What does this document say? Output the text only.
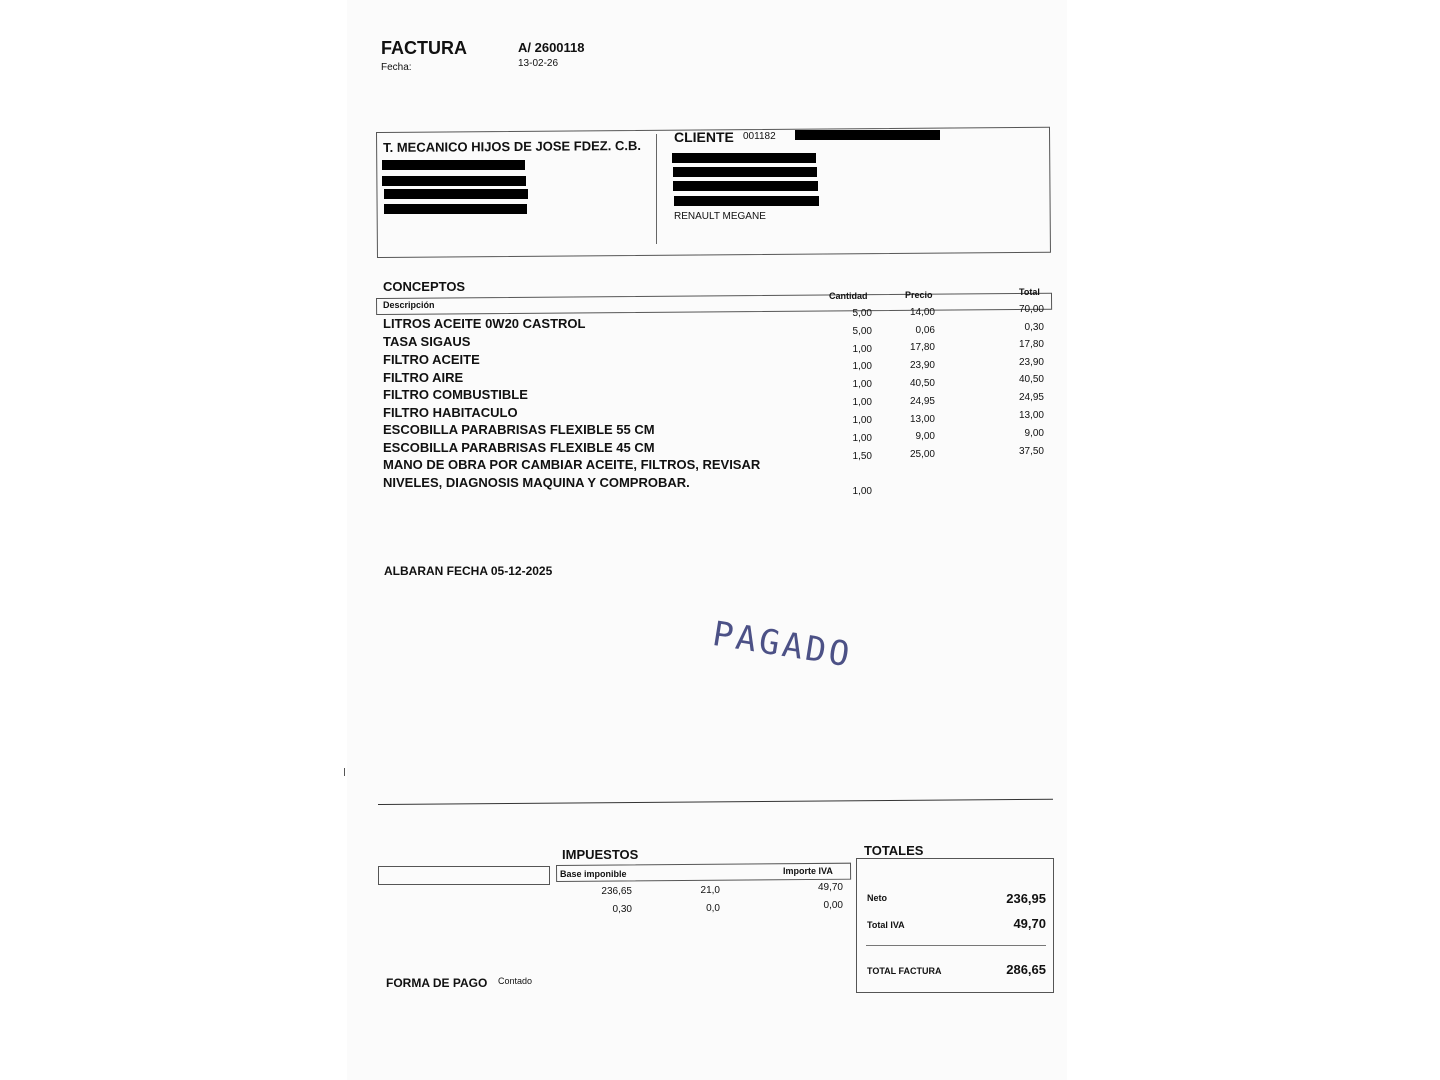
FACTURA
Fecha:
A/ 2600118
13-02-26
T. MECANICO HIJOS DE JOSE FDEZ. C.B.
CLIENTE 001182
RENAULT MEGANE
CONCEPTOS
Descripción
Cantidad	Precio	Total
LITROS ACEITE 0W20 CASTROL
5,00	14,00	70,00
TASA SIGAUS
5,00	0,06	0,30
FILTRO ACEITE
1,00	17,80	17,80
FILTRO AIRE
1,00	23,90	23,90
FILTRO COMBUSTIBLE
1,00	40,50	40,50
FILTRO HABITACULO
1,00	24,95	24,95
ESCOBILLA PARABRISAS FLEXIBLE 55 CM
1,00	13,00	13,00
ESCOBILLA PARABRISAS FLEXIBLE 45 CM
1,00	9,00	9,00
MANO DE OBRA POR CAMBIAR ACEITE, FILTROS, REVISAR
1,50	25,00	37,50
NIVELES, DIAGNOSIS MAQUINA Y COMPROBAR.
1,00
ALBARAN FECHA 05-12-2025
PAGADO
IMPUESTOS
Base imponible	Importe IVA
236,65	21,0	49,70
0,30	0,0	0,00
TOTALES
Neto	236,95
Total IVA	49,70
TOTAL FACTURA	286,65
FORMA DE PAGO Contado
